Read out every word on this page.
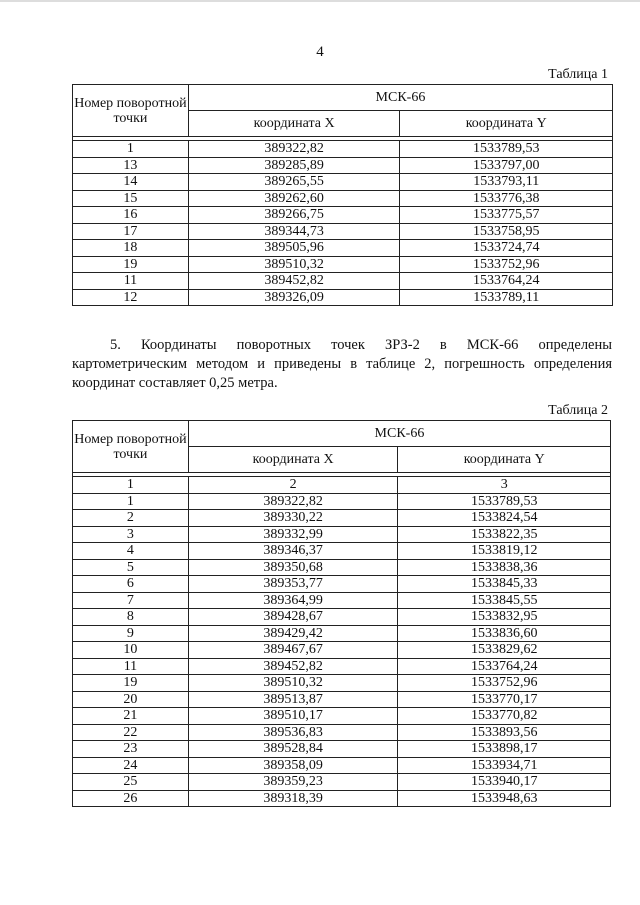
4
Таблица 1
Номер поворотной точки	МСК-66	
	координата X	координата Y

1	389322,82	1533789,53
13	389285,89	1533797,00
14	389265,55	1533793,11
15	389262,60	1533776,38
16	389266,75	1533775,57
17	389344,73	1533758,95
18	389505,96	1533724,74
19	389510,32	1533752,96
11	389452,82	1533764,24
12	389326,09	1533789,11

5. Координаты поворотных точек ЗРЗ-2 в МСК-66 определены картометрическим методом и приведены в таблице 2, погрешность определения координат составляет 0,25 метра.

Таблица 2
Номер поворотной точки	МСК-66	
	координата X	координата Y

1	2	3
1	389322,82	1533789,53
2	389330,22	1533824,54
3	389332,99	1533822,35
4	389346,37	1533819,12
5	389350,68	1533838,36
6	389353,77	1533845,33
7	389364,99	1533845,55
8	389428,67	1533832,95
9	389429,42	1533836,60
10	389467,67	1533829,62
11	389452,82	1533764,24
19	389510,32	1533752,96
20	389513,87	1533770,17
21	389510,17	1533770,82
22	389536,83	1533893,56
23	389528,84	1533898,17
24	389358,09	1533934,71
25	389359,23	1533940,17
26	389318,39	1533948,63
